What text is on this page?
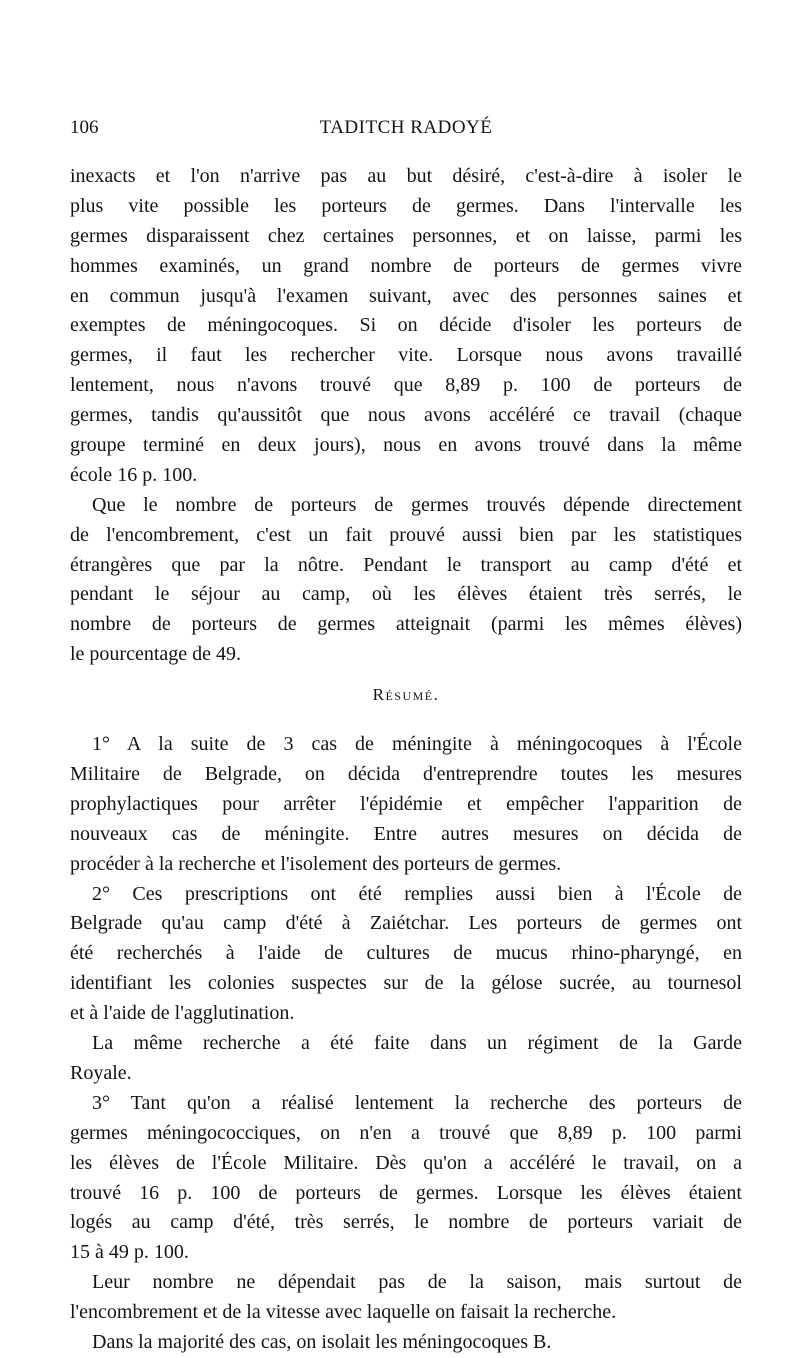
106	TADITCH RADOYÉ
inexacts et l'on n'arrive pas au but désiré, c'est-à-dire à isoler le
plus vite possible les porteurs de germes. Dans l'intervalle les
germes disparaissent chez certaines personnes, et on laisse, parmi les
hommes examinés, un grand nombre de porteurs de germes vivre
en commun jusqu'à l'examen suivant, avec des personnes saines et
exemptes de méningocoques. Si on décide d'isoler les porteurs de
germes, il faut les rechercher vite. Lorsque nous avons travaillé
lentement, nous n'avons trouvé que 8,89 p. 100 de porteurs de
germes, tandis qu'aussitôt que nous avons accéléré ce travail (chaque
groupe terminé en deux jours), nous en avons trouvé dans la même
école 16 p. 100.
Que le nombre de porteurs de germes trouvés dépende directement
de l'encombrement, c'est un fait prouvé aussi bien par les statistiques
étrangères que par la nôtre. Pendant le transport au camp d'été et
pendant le séjour au camp, où les élèves étaient très serrés, le
nombre de porteurs de germes atteignait (parmi les mêmes élèves)
le pourcentage de 49.
Résumé.
1° A la suite de 3 cas de méningite à méningocoques à l'École
Militaire de Belgrade, on décida d'entreprendre toutes les mesures
prophylactiques pour arrêter l'épidémie et empêcher l'apparition de
nouveaux cas de méningite. Entre autres mesures on décida de
procéder à la recherche et l'isolement des porteurs de germes.
2° Ces prescriptions ont été remplies aussi bien à l'École de
Belgrade qu'au camp d'été à Zaiétchar. Les porteurs de germes ont
été recherchés à l'aide de cultures de mucus rhino-pharyngé, en
identifiant les colonies suspectes sur de la gélose sucrée, au tournesol
et à l'aide de l'agglutination.
La même recherche a été faite dans un régiment de la Garde
Royale.
3° Tant qu'on a réalisé lentement la recherche des porteurs de
germes méningococciques, on n'en a trouvé que 8,89 p. 100 parmi
les élèves de l'École Militaire. Dès qu'on a accéléré le travail, on a
trouvé 16 p. 100 de porteurs de germes. Lorsque les élèves étaient
logés au camp d'été, très serrés, le nombre de porteurs variait de
15 à 49 p. 100.
Leur nombre ne dépendait pas de la saison, mais surtout de
l'encombrement et de la vitesse avec laquelle on faisait la recherche.
Dans la majorité des cas, on isolait les méningocoques B.
